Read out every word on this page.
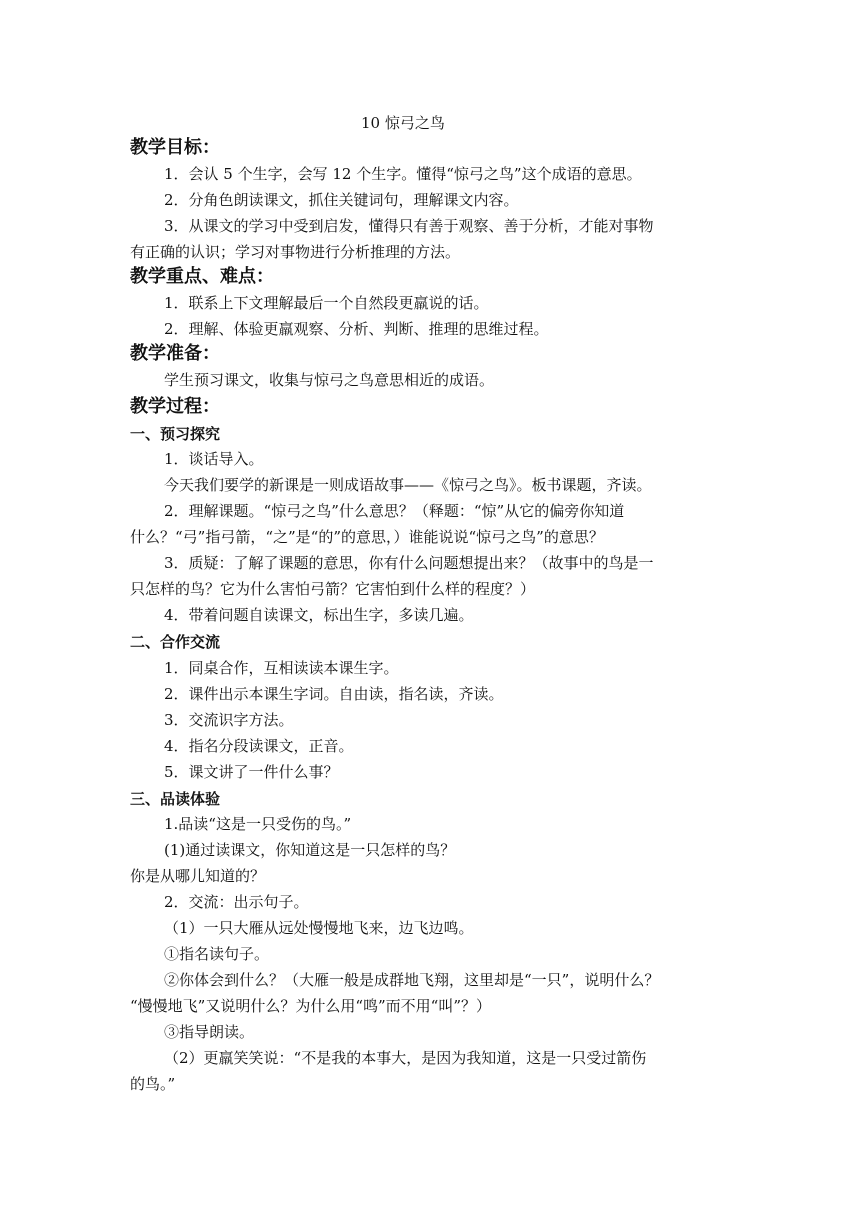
10 惊弓之鸟
教学目标：
1．会认 5 个生字，会写 12 个生字。懂得“惊弓之鸟”这个成语的意思。
2．分角色朗读课文，抓住关键词句，理解课文内容。
3．从课文的学习中受到启发，懂得只有善于观察、善于分析，才能对事物
有正确的认识；学习对事物进行分析推理的方法。
教学重点、难点：
1．联系上下文理解最后一个自然段更羸说的话。
2．理解、体验更羸观察、分析、判断、推理的思维过程。
教学准备：
学生预习课文，收集与惊弓之鸟意思相近的成语。
教学过程：
一、预习探究
1．谈话导入。
今天我们要学的新课是一则成语故事——《惊弓之鸟》。板书课题，齐读。
2．理解课题。“惊弓之鸟”什么意思？（释题：“惊”从它的偏旁你知道
什么？“弓”指弓箭，“之”是“的”的意思，）谁能说说“惊弓之鸟”的意思？
3．质疑：了解了课题的意思，你有什么问题想提出来？（故事中的鸟是一
只怎样的鸟？它为什么害怕弓箭？它害怕到什么样的程度？）
4．带着问题自读课文，标出生字，多读几遍。
二、合作交流
1．同桌合作，互相读读本课生字。
2．课件出示本课生字词。自由读，指名读，齐读。
3．交流识字方法。
4．指名分段读课文，正音。
5．课文讲了一件什么事？
三、品读体验
1.品读“这是一只受伤的鸟。”
(1)通过读课文，你知道这是一只怎样的鸟？
你是从哪儿知道的？
2．交流：出示句子。
（1）一只大雁从远处慢慢地飞来，边飞边鸣。
①指名读句子。
②你体会到什么？（大雁一般是成群地飞翔，这里却是“一只”，说明什么？
“慢慢地飞”又说明什么？为什么用“鸣”而不用“叫”？）
③指导朗读。
（2）更羸笑笑说：“不是我的本事大，是因为我知道，这是一只受过箭伤
的鸟。”
